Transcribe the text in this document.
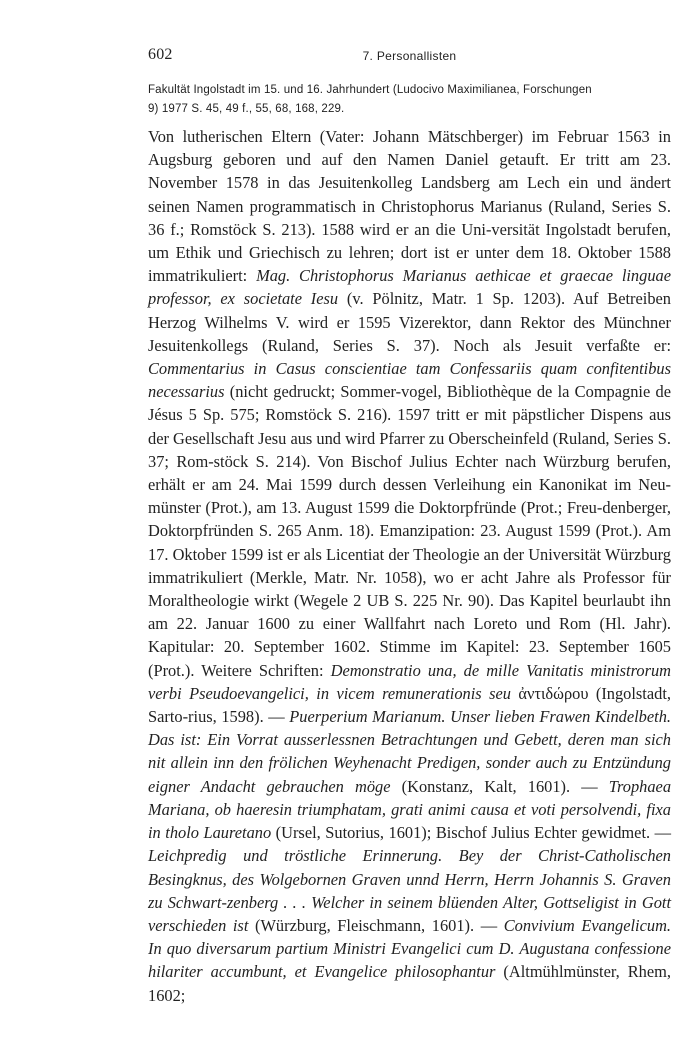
602	7. Personallisten
Fakultät Ingolstadt im 15. und 16. Jahrhundert (Ludocivo Maximilianea, Forschungen
9) 1977 S. 45, 49 f., 55, 68, 168, 229.
Von lutherischen Eltern (Vater: Johann Mätschberger) im Februar 1563 in Augsburg geboren und auf den Namen Daniel getauft. Er tritt am 23. November 1578 in das Jesuitenkolleg Landsberg am Lech ein und ändert seinen Namen programmatisch in Christophorus Marianus (Ruland, Series S. 36 f.; Romstöck S. 213). 1588 wird er an die Uni-versität Ingolstadt berufen, um Ethik und Griechisch zu lehren; dort ist er unter dem 18. Oktober 1588 immatrikuliert: Mag. Christophorus Marianus aethicae et graecae linguae professor, ex societate Iesu (v. Pölnitz, Matr. 1 Sp. 1203). Auf Betreiben Herzog Wilhelms V. wird er 1595 Vizerektor, dann Rektor des Münchner Jesuitenkollegs (Ruland, Series S. 37). Noch als Jesuit verfaßte er: Commentarius in Casus conscientiae tam Confessariis quam confitentibus necessarius (nicht gedruckt; Sommer-vogel, Bibliothèque de la Compagnie de Jésus 5 Sp. 575; Romstöck S. 216). 1597 tritt er mit päpstlicher Dispens aus der Gesellschaft Jesu aus und wird Pfarrer zu Oberscheinfeld (Ruland, Series S. 37; Rom-stöck S. 214). Von Bischof Julius Echter nach Würzburg berufen, erhält er am 24. Mai 1599 durch dessen Verleihung ein Kanonikat im Neu-münster (Prot.), am 13. August 1599 die Doktorpfründe (Prot.; Freu-denberger, Doktorpfründen S. 265 Anm. 18). Emanzipation: 23. August 1599 (Prot.). Am 17. Oktober 1599 ist er als Licentiat der Theologie an der Universität Würzburg immatrikuliert (Merkle, Matr. Nr. 1058), wo er acht Jahre als Professor für Moraltheologie wirkt (Wegele 2 UB S. 225 Nr. 90). Das Kapitel beurlaubt ihn am 22. Januar 1600 zu einer Wallfahrt nach Loreto und Rom (Hl. Jahr). Kapitular: 20. September 1602. Stimme im Kapitel: 23. September 1605 (Prot.). Weitere Schriften: Demonstratio una, de mille Vanitatis ministrorum verbi Pseudoevangelici, in vicem remunerationis seu ἀντιδώρου (Ingolstadt, Sarto-rius, 1598). — Puerperium Marianum. Unser lieben Frawen Kindelbeth. Das ist: Ein Vorrat ausserlessnen Betrachtungen und Gebett, deren man sich nit allein inn den frölichen Weyhenacht Predigen, sonder auch zu Entzündung eigner Andacht gebrauchen möge (Konstanz, Kalt, 1601). — Trophaea Mariana, ob haeresin triumphatam, grati animi causa et voti persolvendi, fixa in tholo Lauretano (Ursel, Sutorius, 1601); Bischof Julius Echter gewidmet. — Leichpredig und tröstliche Erinnerung. Bey der Christ-Catholischen Besingknus, des Wolgebornen Graven unnd Herrn, Herrn Johannis S. Graven zu Schwart-zenberg . . . Welcher in seinem blüenden Alter, Gottseligist in Gott verschieden ist (Würzburg, Fleischmann, 1601). — Convivium Evangelicum. In quo diversarum partium Ministri Evangelici cum D. Augustana confessione hilariter accumbunt, et Evangelice philosophantur (Altmühlmünster, Rhem, 1602;
